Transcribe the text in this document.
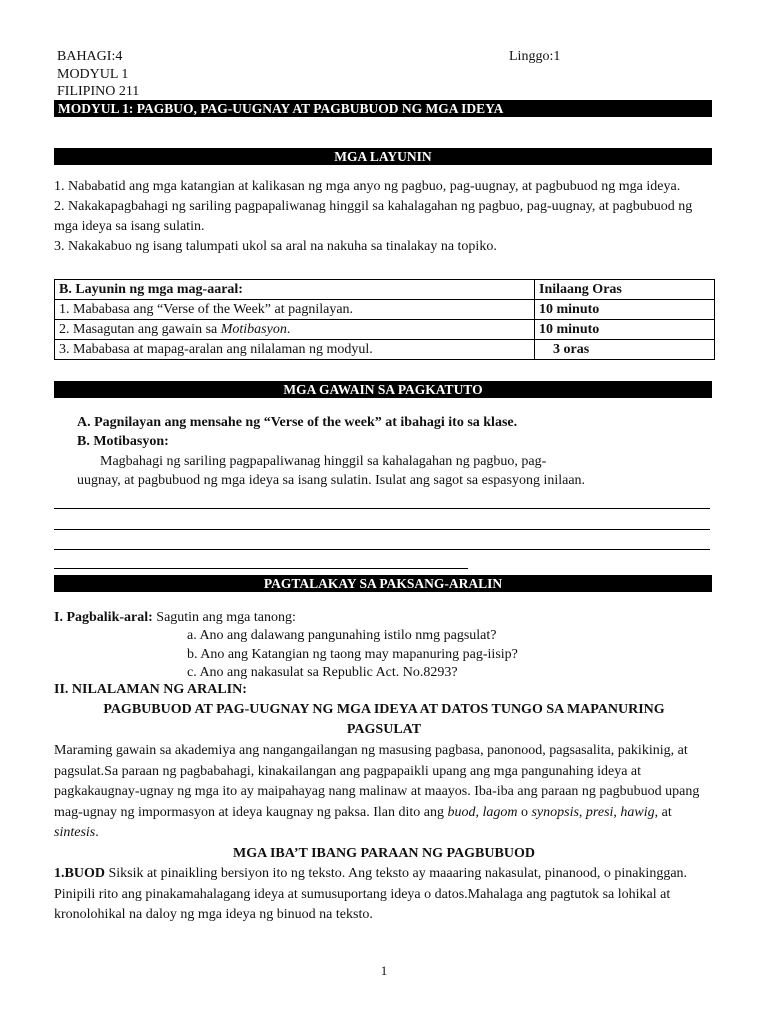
BAHAGI:4	Linggo:1
MODYUL 1
FILIPINO 211
MODYUL 1: PAGBUO, PAG-UUGNAY AT PAGBUBUOD NG MGA IDEYA
MGA LAYUNIN
1. Nababatid ang mga katangian at kalikasan ng mga anyo ng pagbuo, pag-uugnay, at pagbubuod ng mga ideya.
2. Nakakapagbahagi ng sariling pagpapaliwanag hinggil sa kahalagahan ng pagbuo, pag-uugnay, at pagbubuod ng mga ideya sa isang sulatin.
3. Nakakabuo ng isang talumpati ukol sa aral na nakuha sa tinalakay na topiko.
B. Layunin ng mga mag-aaral:	Inilaang Oras
1. Mababasa ang “Verse of the Week” at pagnilayan.	10 minuto
2. Masagutan ang gawain sa Motibasyon.	10 minuto
3. Mababasa at mapag-aralan ang nilalaman ng modyul.	3 oras
MGA GAWAIN SA PAGKATUTO
A. Pagnilayan ang mensahe ng “Verse of the week” at ibahagi ito sa klase.
B. Motibasyon:
Magbahagi ng sariling pagpapaliwanag hinggil sa kahalagahan ng pagbuo, pag-
uugnay, at pagbubuod ng mga ideya sa isang sulatin. Isulat ang sagot sa espasyong inilaan.
PAGTALAKAY SA PAKSANG-ARALIN
I. Pagbalik-aral: Sagutin ang mga tanong:
a. Ano ang dalawang pangunahing istilo nmg pagsulat?
b. Ano ang Katangian ng taong may mapanuring pag-iisip?
c. Ano ang nakasulat sa Republic Act. No.8293?
II. NILALAMAN NG ARALIN:
PAGBUBUOD AT PAG-UUGNAY NG MGA IDEYA AT DATOS TUNGO SA MAPANURING
PAGSULAT
Maraming gawain sa akademiya ang nangangailangan ng masusing pagbasa, panonood, pagsasalita, pakikinig, at pagsulat.Sa paraan ng pagbabahagi, kinakailangan ang pagpapaikli upang ang mga pangunahing ideya at pagkakaugnay-ugnay ng mga ito ay maipahayag nang malinaw at maayos. Iba-iba ang paraan ng pagbubuod upang mag-ugnay ng impormasyon at ideya kaugnay ng paksa. Ilan dito ang buod, lagom o synopsis, presi, hawig, at sintesis.
MGA IBA’T IBANG PARAAN NG PAGBUBUOD
1.BUOD Siksik at pinaikling bersiyon ito ng teksto. Ang teksto ay maaaring nakasulat, pinanood, o pinakinggan. Pinipili rito ang pinakamahalagang ideya at sumusuportang ideya o datos.Mahalaga ang pagtutok sa lohikal at kronolohikal na daloy ng mga ideya ng binuod na teksto.
1
